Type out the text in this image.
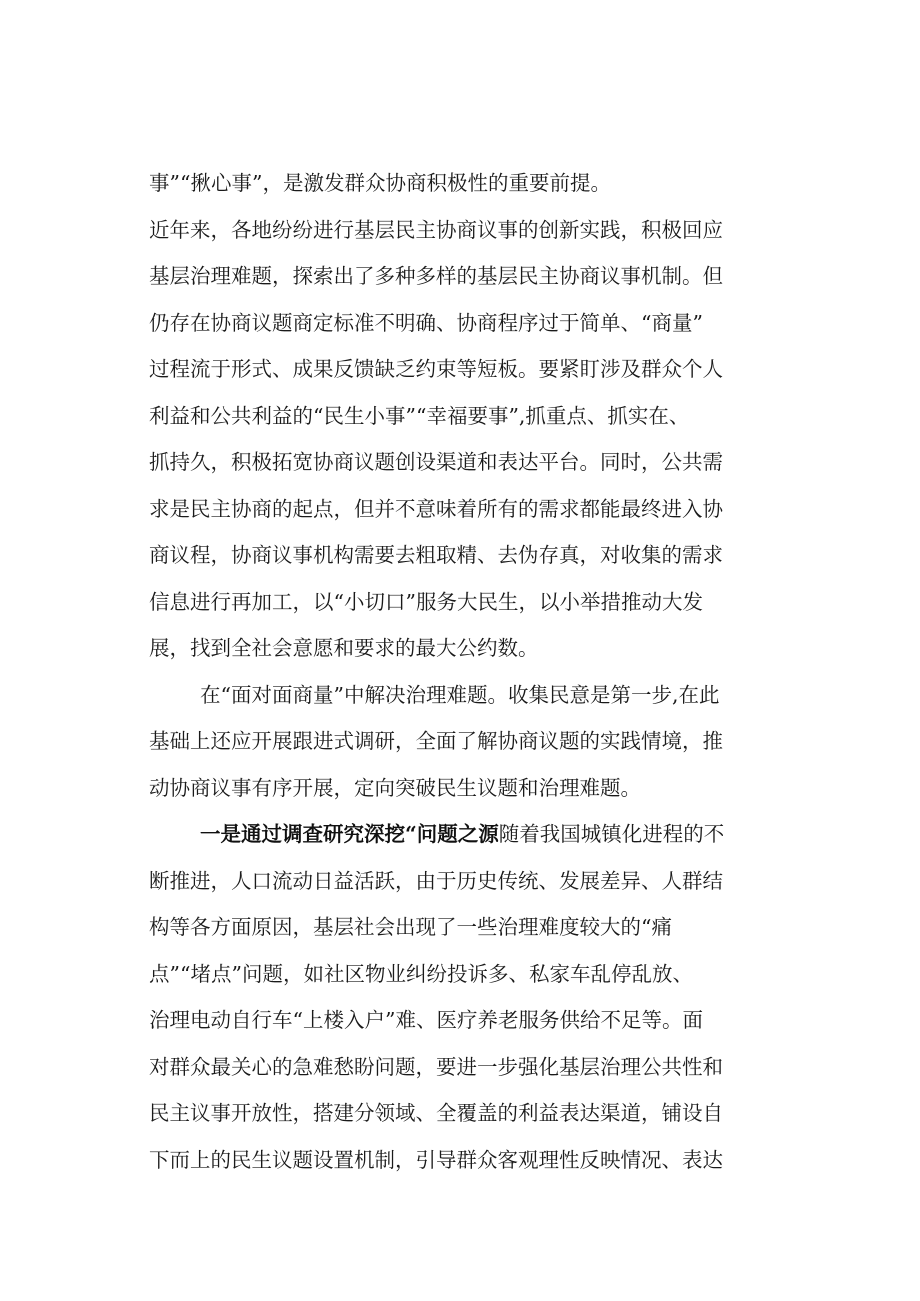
事”“揪心事”，是激发群众协商积极性的重要前提。
近年来，各地纷纷进行基层民主协商议事的创新实践，积极回应
基层治理难题，探索出了多种多样的基层民主协商议事机制。但
仍存在协商议题商定标准不明确、协商程序过于简单、“商量”
过程流于形式、成果反馈缺乏约束等短板。要紧盯涉及群众个人
利益和公共利益的“民生小事”“幸福要事”,抓重点、抓实在、
抓持久，积极拓宽协商议题创设渠道和表达平台。同时，公共需
求是民主协商的起点，但并不意味着所有的需求都能最终进入协
商议程，协商议事机构需要去粗取精、去伪存真，对收集的需求
信息进行再加工，以“小切口”服务大民生，以小举措推动大发
展，找到全社会意愿和要求的最大公约数。
在“面对面商量”中解决治理难题。收集民意是第一步,在此
基础上还应开展跟进式调研，全面了解协商议题的实践情境，推
动协商议事有序开展，定向突破民生议题和治理难题。
一是通过调查研究深挖“问题之源随着我国城镇化进程的不
断推进，人口流动日益活跃，由于历史传统、发展差异、人群结
构等各方面原因，基层社会出现了一些治理难度较大的“痛
点”“堵点”问题，如社区物业纠纷投诉多、私家车乱停乱放、
治理电动自行车“上楼入户”难、医疗养老服务供给不足等。面
对群众最关心的急难愁盼问题，要进一步强化基层治理公共性和
民主议事开放性，搭建分领域、全覆盖的利益表达渠道，铺设自
下而上的民生议题设置机制，引导群众客观理性反映情况、表达
